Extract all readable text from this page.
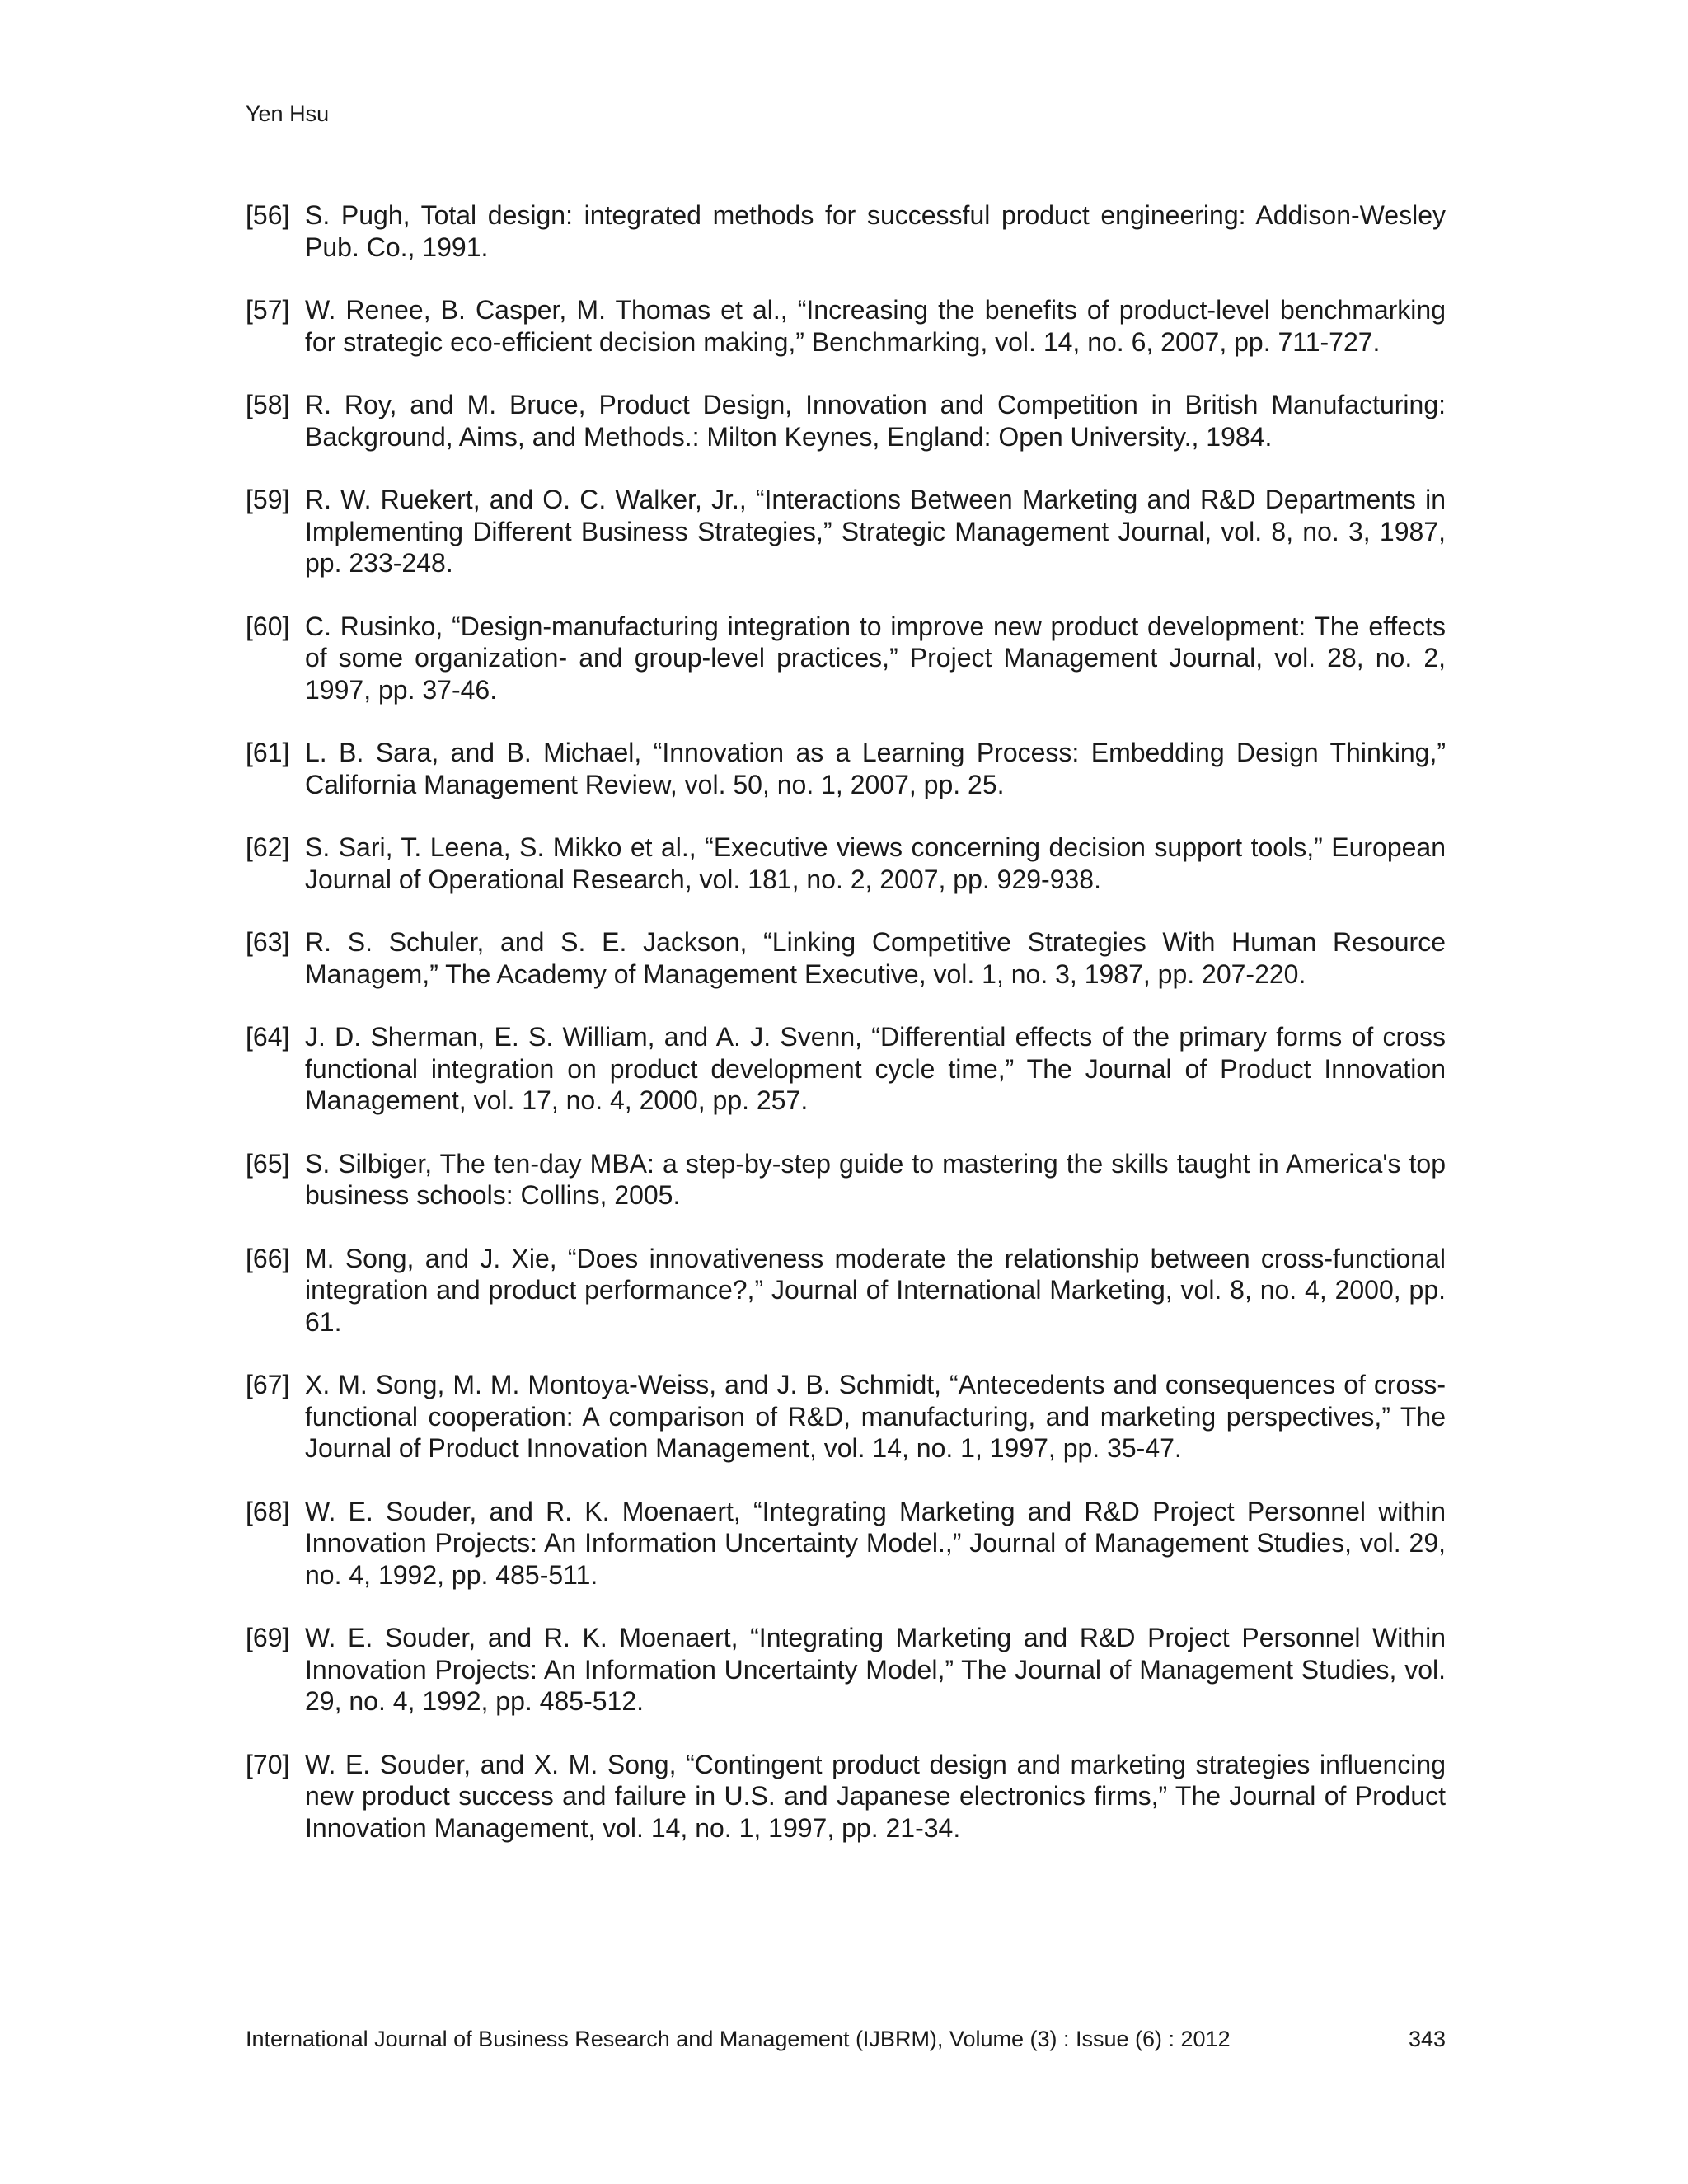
Yen Hsu
[56] S. Pugh, Total design: integrated methods for successful product engineering: Addison-Wesley Pub. Co., 1991.
[57] W. Renee, B. Casper, M. Thomas et al., “Increasing the benefits of product-level benchmarking for strategic eco-efficient decision making,” Benchmarking, vol. 14, no. 6, 2007, pp. 711-727.
[58] R. Roy, and M. Bruce, Product Design, Innovation and Competition in British Manufacturing: Background, Aims, and Methods.: Milton Keynes, England: Open University., 1984.
[59] R. W. Ruekert, and O. C. Walker, Jr., “Interactions Between Marketing and R&D Departments in Implementing Different Business Strategies,” Strategic Management Journal, vol. 8, no. 3, 1987, pp. 233-248.
[60] C. Rusinko, “Design-manufacturing integration to improve new product development: The effects of some organization- and group-level practices,” Project Management Journal, vol. 28, no. 2, 1997, pp. 37-46.
[61] L. B. Sara, and B. Michael, “Innovation as a Learning Process: Embedding Design Thinking,” California Management Review, vol. 50, no. 1, 2007, pp. 25.
[62] S. Sari, T. Leena, S. Mikko et al., “Executive views concerning decision support tools,” European Journal of Operational Research, vol. 181, no. 2, 2007, pp. 929-938.
[63] R. S. Schuler, and S. E. Jackson, “Linking Competitive Strategies With Human Resource Managem,” The Academy of Management Executive, vol. 1, no. 3, 1987, pp. 207-220.
[64] J. D. Sherman, E. S. William, and A. J. Svenn, “Differential effects of the primary forms of cross functional integration on product development cycle time,” The Journal of Product Innovation Management, vol. 17, no. 4, 2000, pp. 257.
[65] S. Silbiger, The ten-day MBA: a step-by-step guide to mastering the skills taught in America's top business schools: Collins, 2005.
[66] M. Song, and J. Xie, “Does innovativeness moderate the relationship between cross-functional integration and product performance?,” Journal of International Marketing, vol. 8, no. 4, 2000, pp. 61.
[67] X. M. Song, M. M. Montoya-Weiss, and J. B. Schmidt, “Antecedents and consequences of cross-functional cooperation: A comparison of R&D, manufacturing, and marketing perspectives,” The Journal of Product Innovation Management, vol. 14, no. 1, 1997, pp. 35-47.
[68] W. E. Souder, and R. K. Moenaert, “Integrating Marketing and R&D Project Personnel within Innovation Projects: An Information Uncertainty Model.,” Journal of Management Studies, vol. 29, no. 4, 1992, pp. 485-511.
[69] W. E. Souder, and R. K. Moenaert, “Integrating Marketing and R&D Project Personnel Within Innovation Projects: An Information Uncertainty Model,” The Journal of Management Studies, vol. 29, no. 4, 1992, pp. 485-512.
[70] W. E. Souder, and X. M. Song, “Contingent product design and marketing strategies influencing new product success and failure in U.S. and Japanese electronics firms,” The Journal of Product Innovation Management, vol. 14, no. 1, 1997, pp. 21-34.
International Journal of Business Research and Management (IJBRM), Volume (3) : Issue (6) : 2012	343
